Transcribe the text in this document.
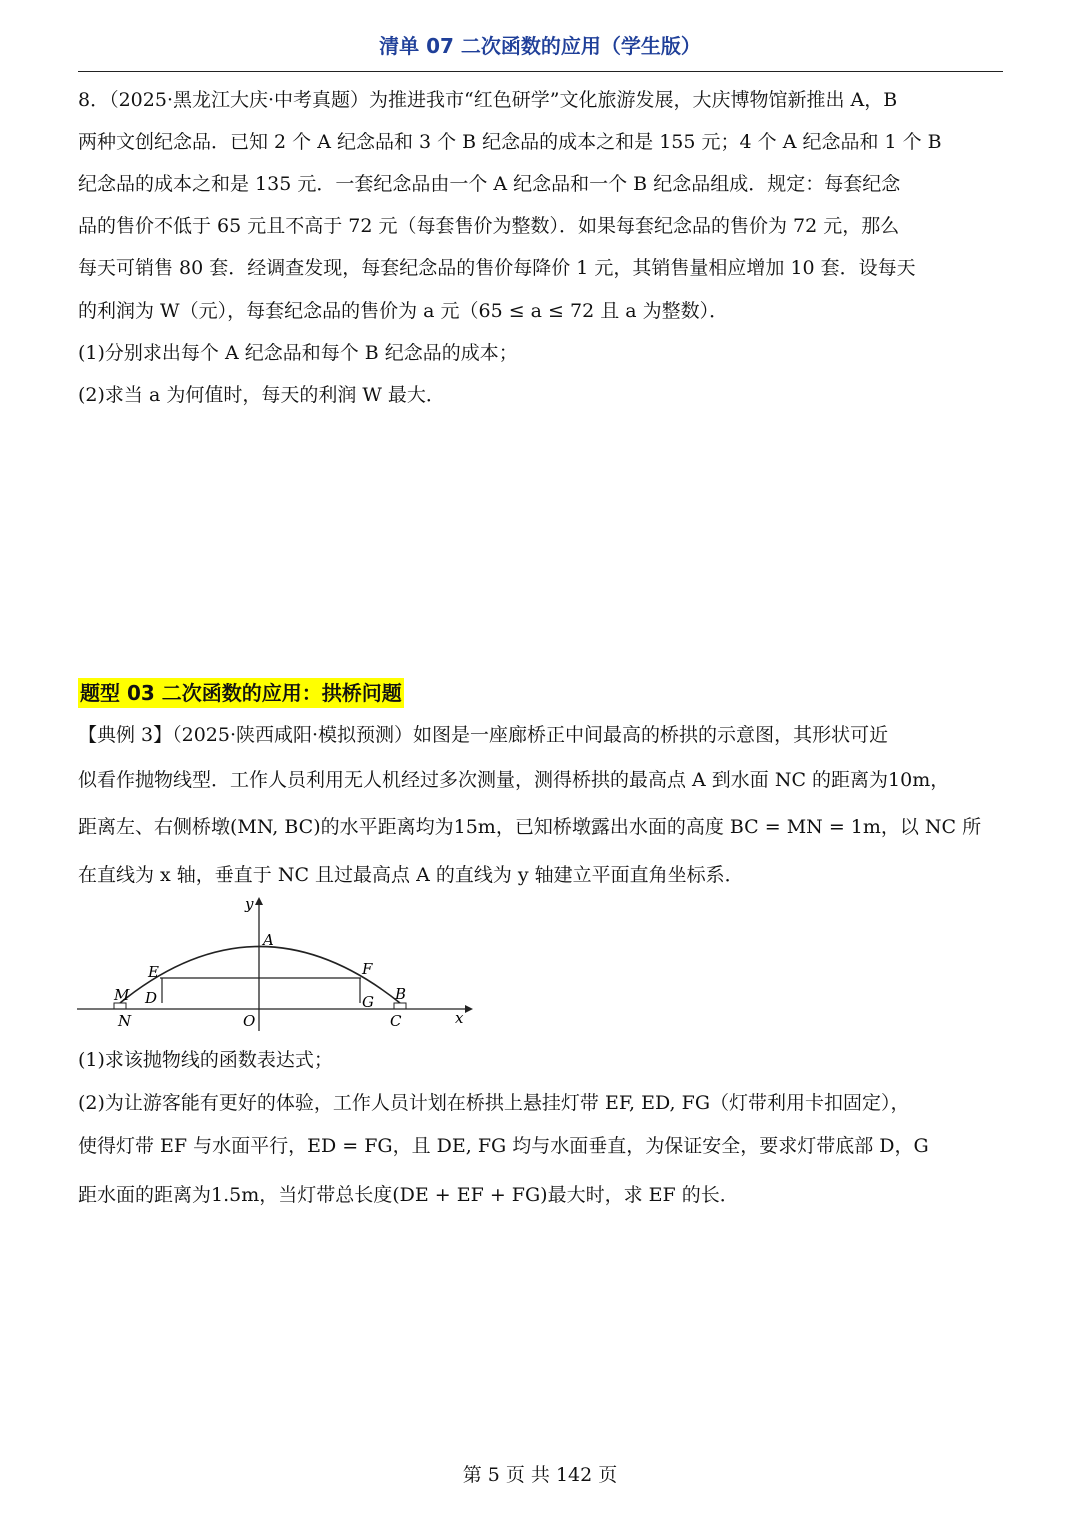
清单 07 二次函数的应用（学生版）
8．（2025·黑龙江大庆·中考真题）为推进我市“红色研学”文化旅游发展，大庆博物馆新推出 A，B
两种文创纪念品．已知 2 个 A 纪念品和 3 个 B 纪念品的成本之和是 155 元；4 个 A 纪念品和 1 个 B
纪念品的成本之和是 135 元．一套纪念品由一个 A 纪念品和一个 B 纪念品组成．规定：每套纪念
品的售价不低于 65 元且不高于 72 元（每套售价为整数）．如果每套纪念品的售价为 72 元，那么
每天可销售 80 套．经调查发现，每套纪念品的售价每降价 1 元，其销售量相应增加 10 套．设每天
的利润为 W（元），每套纪念品的售价为 a 元（65 ≤ a ≤ 72 且 a 为整数）．
(1)分别求出每个 A 纪念品和每个 B 纪念品的成本；
(2)求当 a 为何值时，每天的利润 W 最大．
题型 03 二次函数的应用：拱桥问题
【典例 3】（2025·陕西咸阳·模拟预测）如图是一座廊桥正中间最高的桥拱的示意图，其形状可近
似看作抛物线型．工作人员利用无人机经过多次测量，测得桥拱的最高点 A 到水面 NC 的距离为10m，
距离左、右侧桥墩(MN, BC)的水平距离均为15m，已知桥墩露出水面的高度 BC = MN = 1m，以 NC 所
在直线为 x 轴，垂直于 NC 且过最高点 A 的直线为 y 轴建立平面直角坐标系．
y
x
A
E	F
M D	G B
N	O	C
(1)求该抛物线的函数表达式；
(2)为让游客能有更好的体验，工作人员计划在桥拱上悬挂灯带 EF, ED, FG（灯带利用卡扣固定），
使得灯带 EF 与水面平行，ED = FG，且 DE, FG 均与水面垂直，为保证安全，要求灯带底部 D，G
距水面的距离为1.5m，当灯带总长度(DE + EF + FG)最大时，求 EF 的长．
第 5 页 共 142 页
